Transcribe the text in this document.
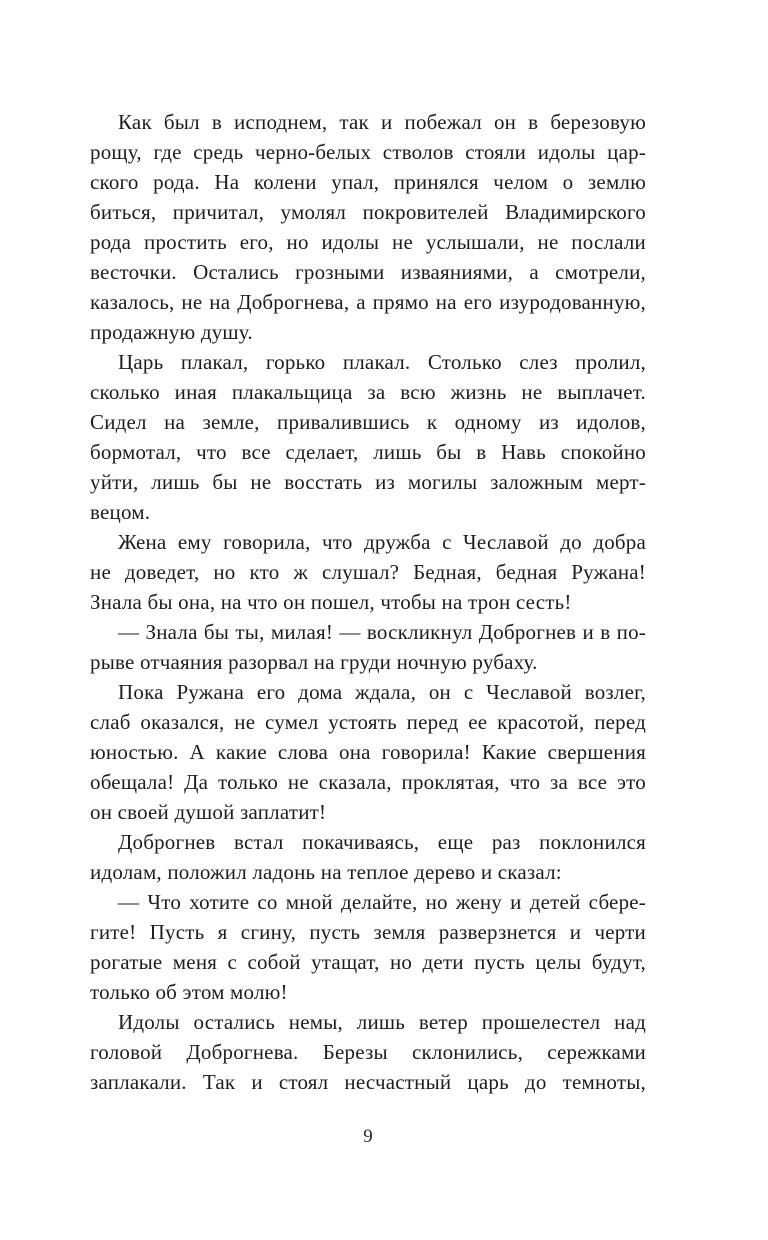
Как был в исподнем, так и побежал он в березовую
рощу, где средь черно-белых стволов стояли идолы цар-
ского рода. На колени упал, принялся челом о землю
биться, причитал, умолял покровителей Владимирского
рода простить его, но идолы не услышали, не послали
весточки. Остались грозными изваяниями, а смотрели,
казалось, не на Доброгнева, а прямо на его изуродованную,
продажную душу.
Царь плакал, горько плакал. Столько слез пролил,
сколько иная плакальщица за всю жизнь не выплачет.
Сидел на земле, привалившись к одному из идолов,
бормотал, что все сделает, лишь бы в Навь спокойно
уйти, лишь бы не восстать из могилы заложным мерт-
вецом.
Жена ему говорила, что дружба с Чеславой до добра
не доведет, но кто ж слушал? Бедная, бедная Ружана!
Знала бы она, на что он пошел, чтобы на трон сесть!
— Знала бы ты, милая! — воскликнул Доброгнев и в по-
рыве отчаяния разорвал на груди ночную рубаху.
Пока Ружана его дома ждала, он с Чеславой возлег,
слаб оказался, не сумел устоять перед ее красотой, перед
юностью. А какие слова она говорила! Какие свершения
обещала! Да только не сказала, проклятая, что за все это
он своей душой заплатит!
Доброгнев встал покачиваясь, еще раз поклонился
идолам, положил ладонь на теплое дерево и сказал:
— Что хотите со мной делайте, но жену и детей сбере-
гите! Пусть я сгину, пусть земля разверзнется и черти
рогатые меня с собой утащат, но дети пусть целы будут,
только об этом молю!
Идолы остались немы, лишь ветер прошелестел над
головой Доброгнева. Березы склонились, сережками
заплакали. Так и стоял несчастный царь до темноты,
9
